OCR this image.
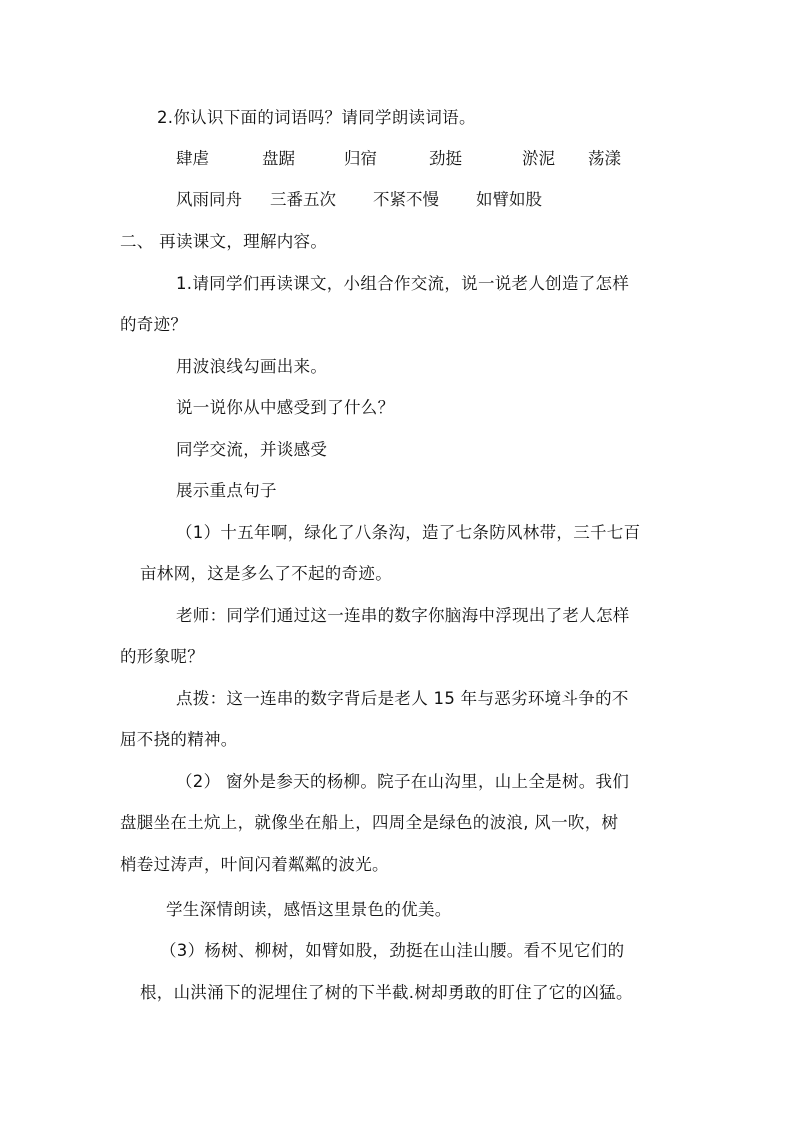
2.你认识下面的词语吗？请同学朗读词语。
肆虐	盘踞	归宿	劲挺	淤泥 荡漾
风雨同舟 三番五次 不紧不慢 如臂如股
二、 再读课文，理解内容。
1.请同学们再读课文，小组合作交流，说一说老人创造了怎样
的奇迹？
用波浪线勾画出来。
说一说你从中感受到了什么？
同学交流，并谈感受
展示重点句子
（1）十五年啊，绿化了八条沟，造了七条防风林带，三千七百
亩林网，这是多么了不起的奇迹。
老师：同学们通过这一连串的数字你脑海中浮现出了老人怎样
的形象呢？
点拨：这一连串的数字背后是老人 15 年与恶劣环境斗争的不
屈不挠的精神。
（2） 窗外是参天的杨柳。院子在山沟里，山上全是树。我们
盘腿坐在土炕上，就像坐在船上，四周全是绿色的波浪, 风一吹，树
梢卷过涛声，叶间闪着粼粼的波光。
学生深情朗读，感悟这里景色的优美。
（3）杨树、柳树，如臂如股，劲挺在山洼山腰。看不见它们的
根，山洪涌下的泥埋住了树的下半截.树却勇敢的盯住了它的凶猛。
